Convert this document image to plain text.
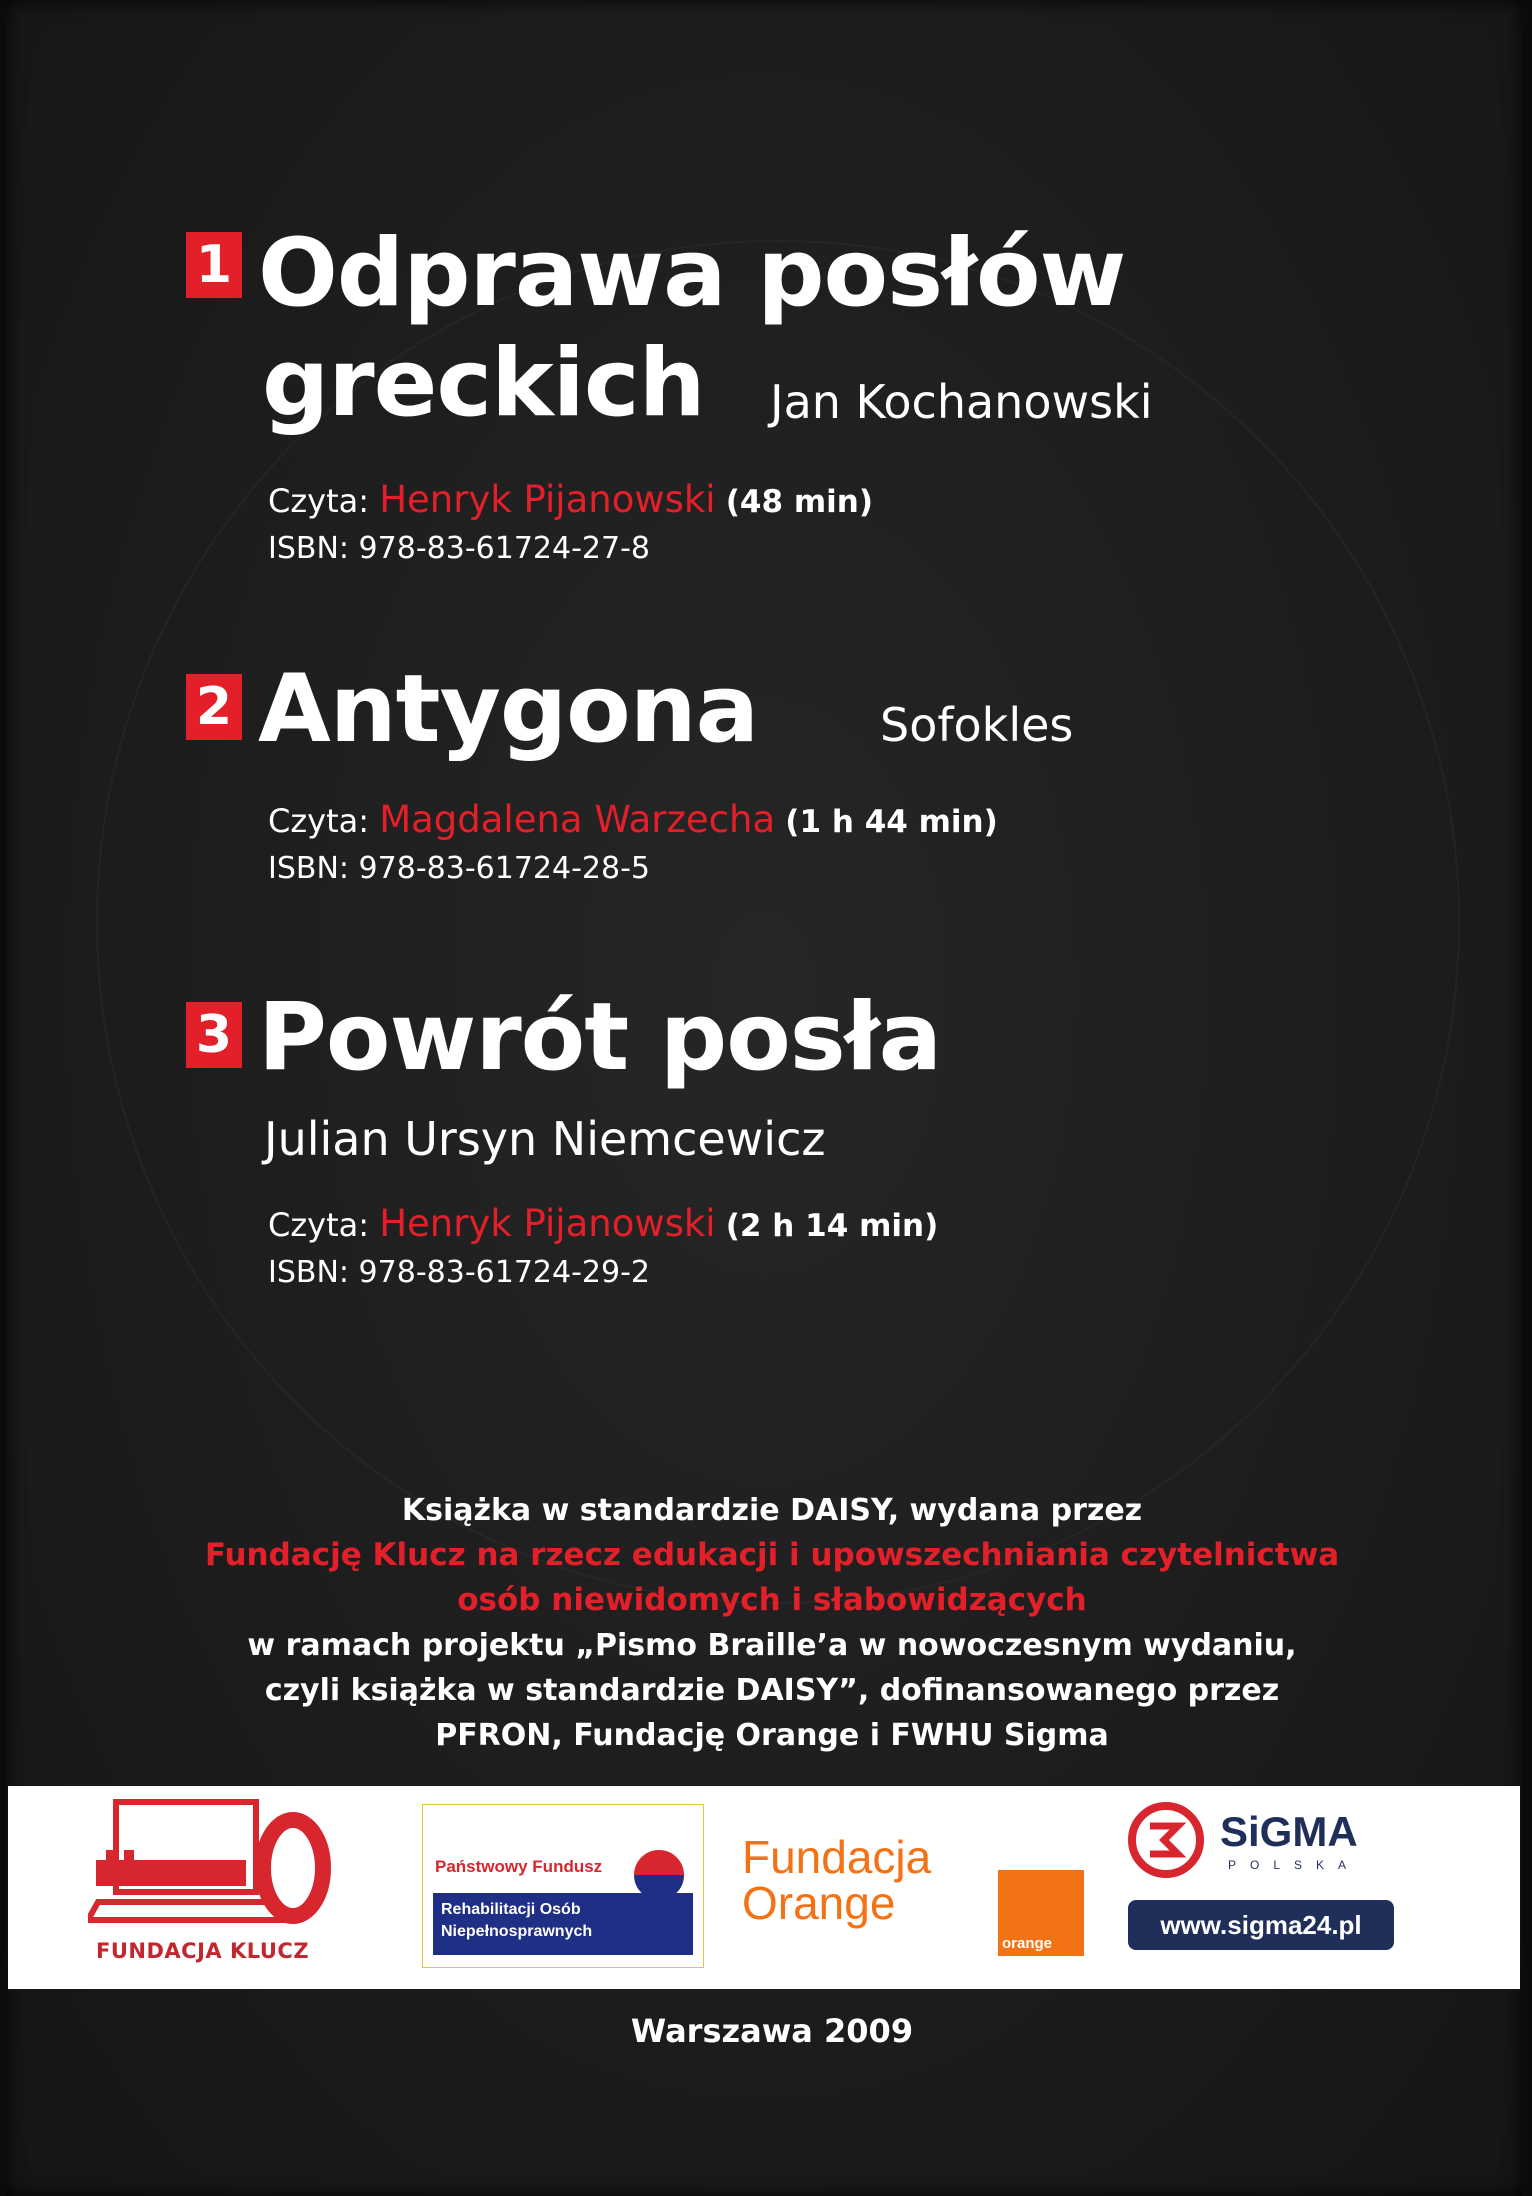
1 Odprawa posłów
greckich Jan Kochanowski
Czyta: Henryk Pijanowski (48 min)
ISBN: 978-83-61724-27-8
2 Antygona	Sofokles
Czyta: Magdalena Warzecha (1 h 44 min)
ISBN: 978-83-61724-28-5
3 Powrót posła
Julian Ursyn Niemcewicz
Czyta: Henryk Pijanowski (2 h 14 min)
ISBN: 978-83-61724-29-2
Książka w standardzie DAISY, wydana przez
Fundację Klucz na rzecz edukacji i upowszechniania czytelnictwa
osób niewidomych i słabowidzących
w ramach projektu „Pismo Braille’a w nowoczesnym wydaniu,
czyli książka w standardzie DAISY”, dofinansowanego przez
PFRON, Fundację Orange i FWHU Sigma
FUNDACJA KLUCZ
Państwowy Fundusz
Rehabilitacji Osób
Niepełnosprawnych
Fundacja
Orange
orange
SiGMA
POLSKA
www.sigma24.pl
Warszawa 2009
